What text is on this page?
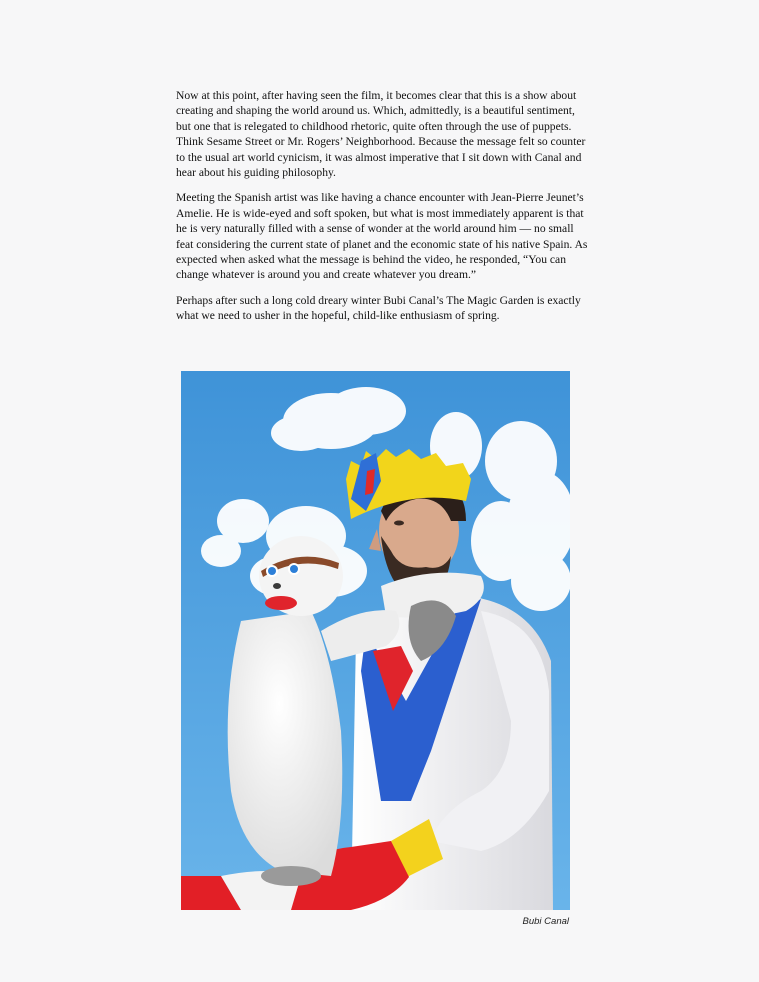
Now at this point, after having seen the film, it becomes clear that this is a show about creating and shaping the world around us. Which, admittedly, is a beautiful sentiment, but one that is relegated to childhood rhetoric, quite often through the use of puppets. Think Sesame Street or Mr. Rogers’ Neighborhood. Because the message felt so counter to the usual art world cynicism, it was almost imperative that I sit down with Canal and hear about his guiding philosophy.

Meeting the Spanish artist was like having a chance encounter with Jean-Pierre Jeunet’s Amelie. He is wide-eyed and soft spoken, but what is most immediately apparent is that he is very naturally filled with a sense of wonder at the world around him — no small feat considering the current state of planet and the economic state of his native Spain. As expected when asked what the message is behind the video, he responded, “You can change whatever is around you and create whatever you dream.”

Perhaps after such a long cold dreary winter Bubi Canal’s The Magic Garden is exactly what we need to usher in the hopeful, child-like enthusiasm of spring.

Bubi Canal
